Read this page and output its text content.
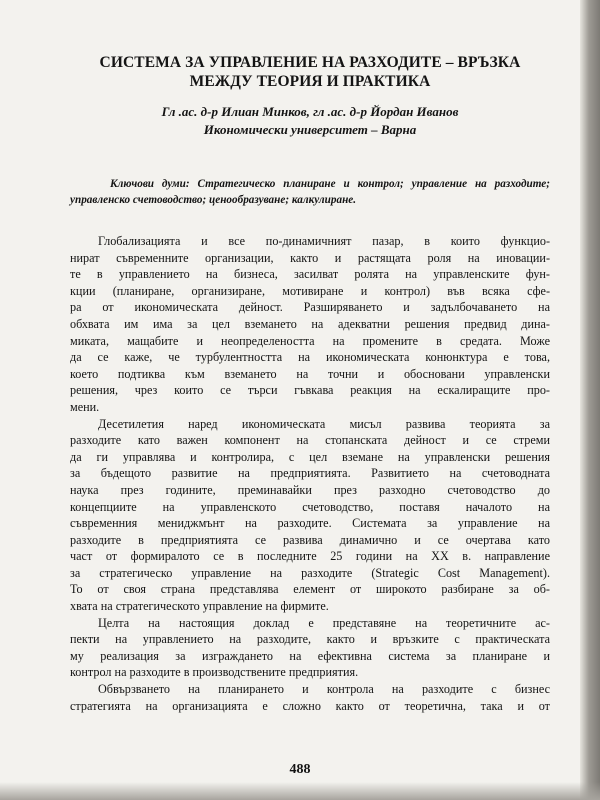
СИСТЕМА ЗА УПРАВЛЕНИЕ НА РАЗХОДИТЕ – ВРЪЗКА МЕЖДУ ТЕОРИЯ И ПРАКТИКА
Гл .ас. д-р Илиан Минков, гл .ас. д-р Йордан Иванов
Икономически университет – Варна
Ключови думи: Стратегическо планиране и контрол; управление на разходите; управленско счетоводство; ценообразуване; калкулиране.
Глобализацията и все по-динамичният пазар, в които функцио-
нират съвременните организации, както и растящата роля на иновации-
те в управлението на бизнеса, засилват ролята на управленските фун-
кции (планиране, организиране, мотивиране и контрол) във всяка сфе-
ра от икономическата дейност. Разширяването и задълбочаването на
обхвата им има за цел вземането на адекватни решения предвид дина-
миката, мащабите и неопределеността на промените в средата. Може
да се каже, че турбулентността на икономическата конюнктура е това,
което подтиква към вземането на точни и обосновани управленски
решения, чрез които се търси гъвкава реакция на ескалиращите про-
мени.
Десетилетия наред икономическата мисъл развива теорията за
разходите като важен компонент на стопанската дейност и се стреми
да ги управлява и контролира, с цел вземане на управленски решения
за бъдещото развитие на предприятията. Развитието на счетоводната
наука през годините, преминавайки през разходно счетоводство до
концепциите на управленското счетоводство, поставя началото на
съвременния мениджмънт на разходите. Системата за управление на
разходите в предприятията се развива динамично и се очертава като
част от формиралото се в последните 25 години на ХХ в. направление
за стратегическо управление на разходите (Strategic Cost Management).
То от своя страна представлява елемент от широкото разбиране за об-
хвата на стратегическото управление на фирмите.
Целта на настоящия доклад е представяне на теоретичните ас-
пекти на управлението на разходите, както и връзките с практическата
му реализация за изграждането на ефективна система за планиране и
контрол на разходите в производствените предприятия.
Обвързването на планирането и контрола на разходите с бизнес
стратегията на организацията е сложно както от теоретична, така и от
488
